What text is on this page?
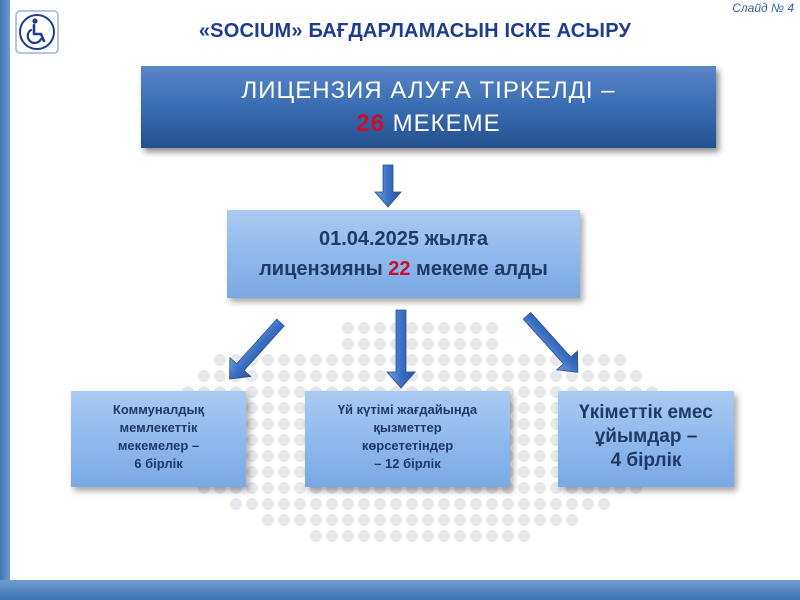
Слайд № 4
«SOCIUM» БАҒДАРЛАМАСЫН ІСКЕ АСЫРУ
ЛИЦЕНЗИЯ АЛУҒА ТІРКЕЛДІ –
26 МЕКЕМЕ
01.04.2025 жылға
лицензияны 22 мекеме алды
Коммуналдық
мемлекеттік
мекемелер –
6 бірлік
Үй күтімі жағдайында
қызметтер
көрсететіндер
– 12 бірлік
Үкіметтік емес
ұйымдар –
4 бірлік
